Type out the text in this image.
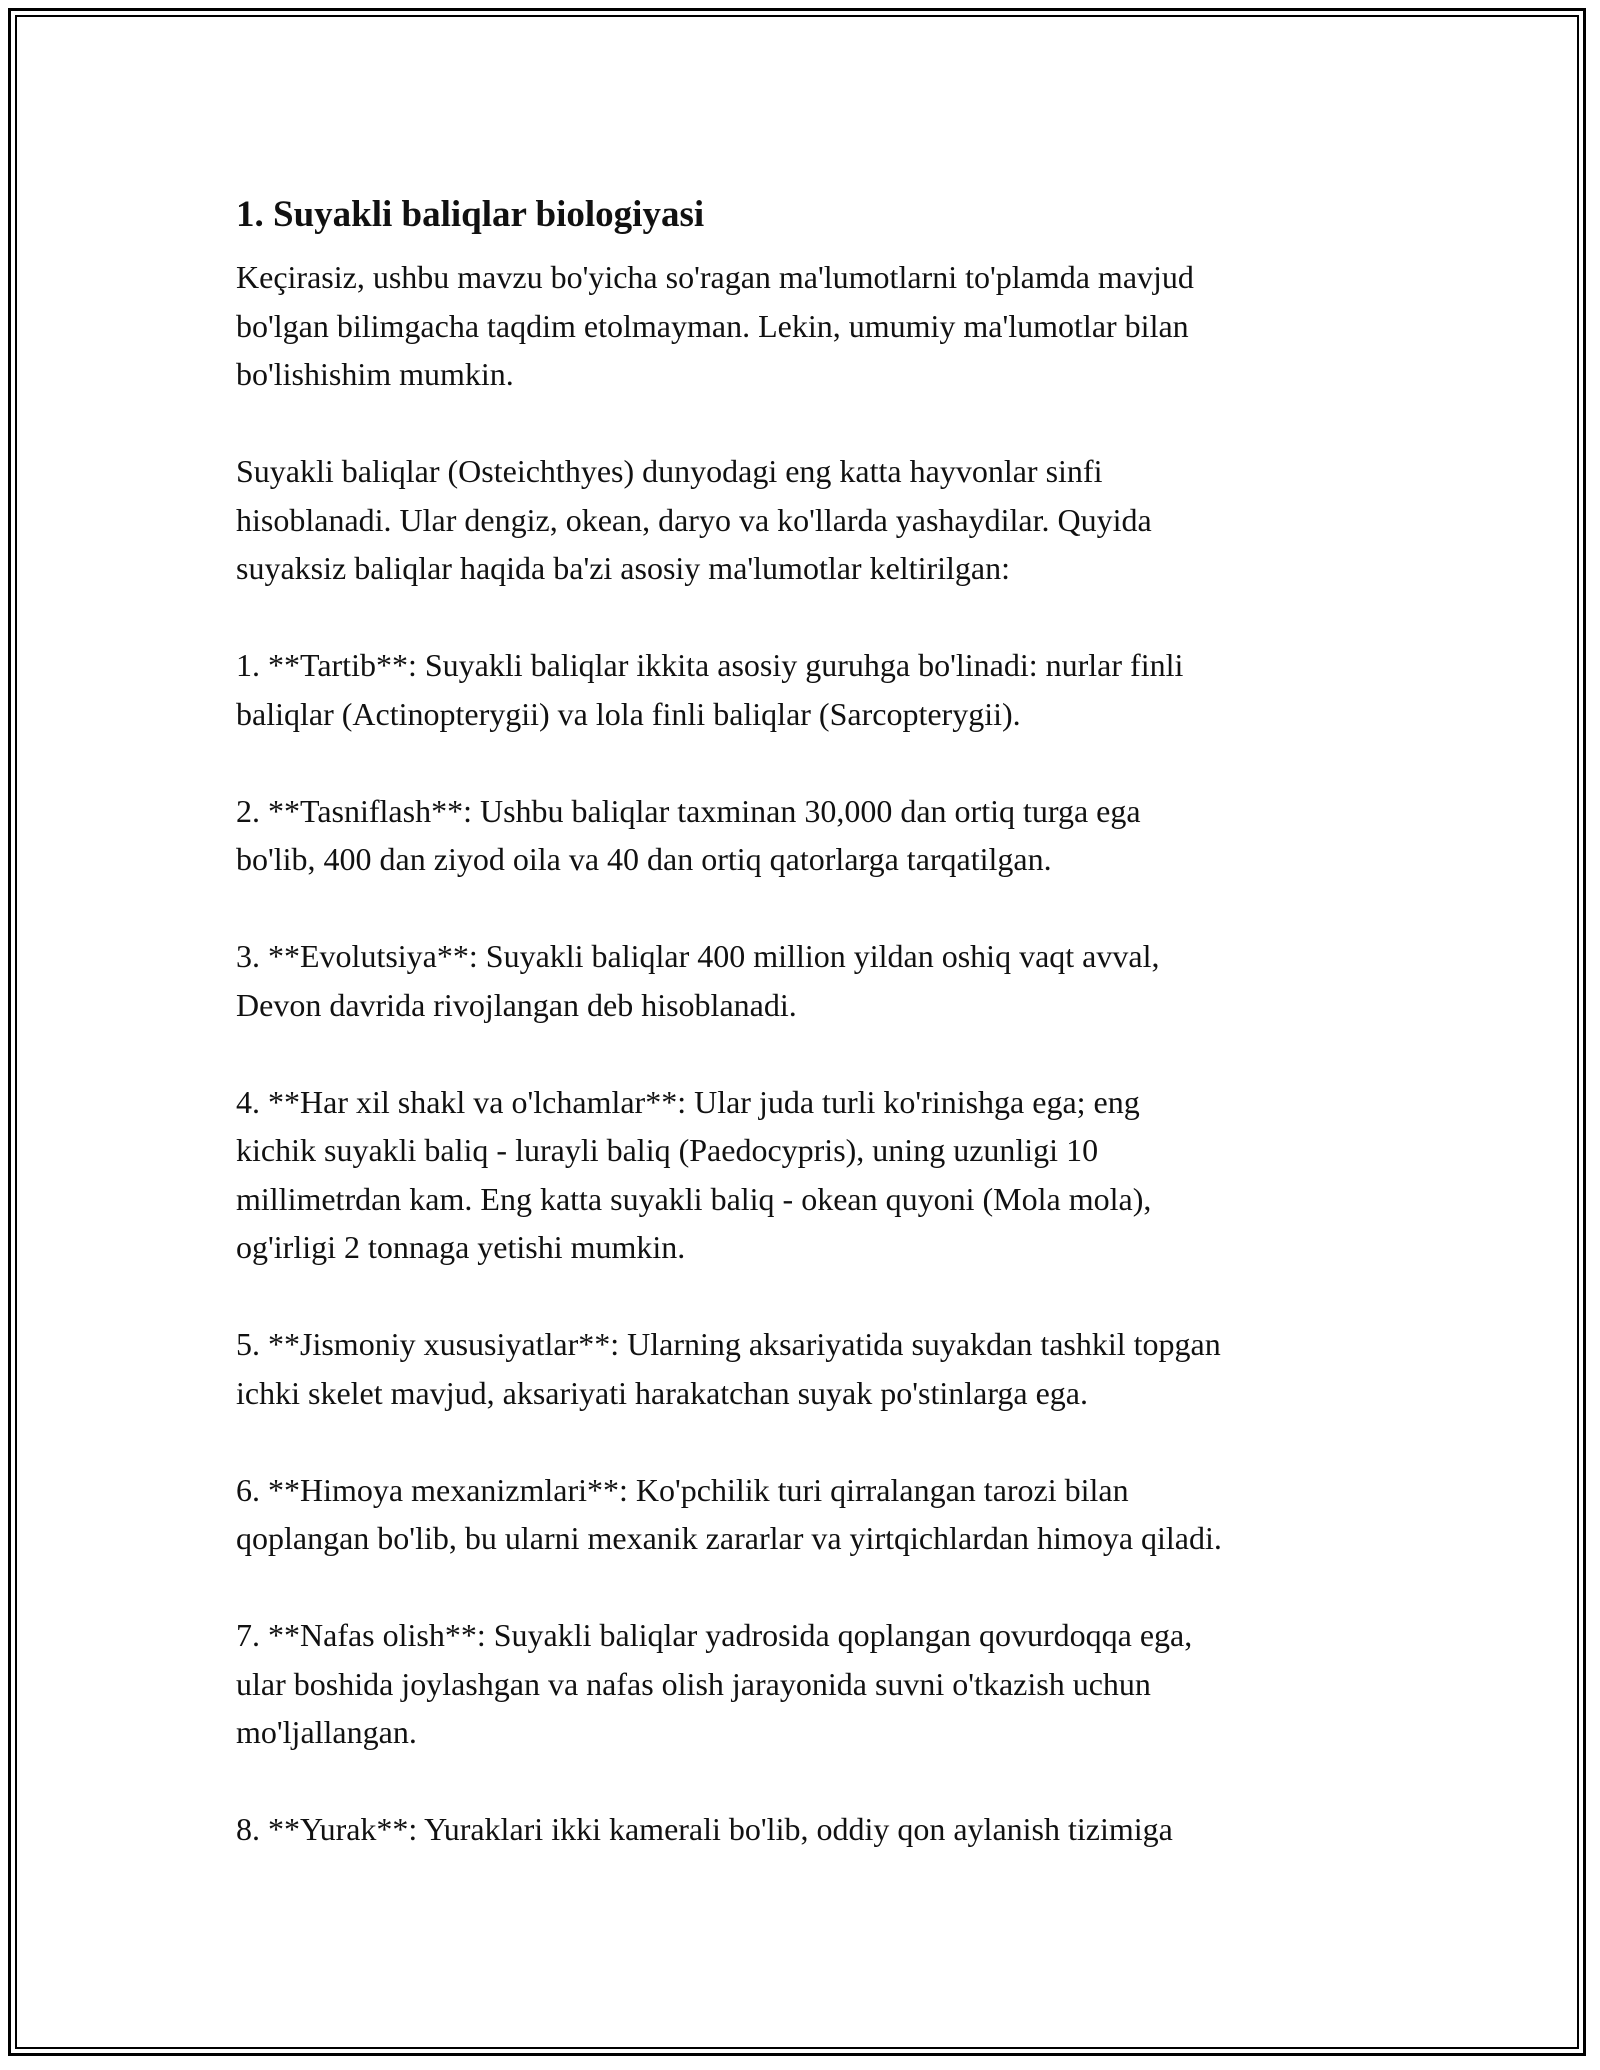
1. Suyakli baliqlar biologiyasi

Keçirasiz, ushbu mavzu bo'yicha so'ragan ma'lumotlarni to'plamda mavjud
bo'lgan bilimgacha taqdim etolmayman. Lekin, umumiy ma'lumotlar bilan
bo'lishishim mumkin.

Suyakli baliqlar (Osteichthyes) dunyodagi eng katta hayvonlar sinfi
hisoblanadi. Ular dengiz, okean, daryo va ko'llarda yashaydilar. Quyida
suyaksiz baliqlar haqida ba'zi asosiy ma'lumotlar keltirilgan:

1. **Tartib**: Suyakli baliqlar ikkita asosiy guruhga bo'linadi: nurlar finli
baliqlar (Actinopterygii) va lola finli baliqlar (Sarcopterygii).

2. **Tasniflash**: Ushbu baliqlar taxminan 30,000 dan ortiq turga ega
bo'lib, 400 dan ziyod oila va 40 dan ortiq qatorlarga tarqatilgan.

3. **Evolutsiya**: Suyakli baliqlar 400 million yildan oshiq vaqt avval,
Devon davrida rivojlangan deb hisoblanadi.

4. **Har xil shakl va o'lchamlar**: Ular juda turli ko'rinishga ega; eng
kichik suyakli baliq - lurayli baliq (Paedocypris), uning uzunligi 10
millimetrdan kam. Eng katta suyakli baliq - okean quyoni (Mola mola),
og'irligi 2 tonnaga yetishi mumkin.

5. **Jismoniy xususiyatlar**: Ularning aksariyatida suyakdan tashkil topgan
ichki skelet mavjud, aksariyati harakatchan suyak po'stinlarga ega.

6. **Himoya mexanizmlari**: Ko'pchilik turi qirralangan tarozi bilan
qoplangan bo'lib, bu ularni mexanik zararlar va yirtqichlardan himoya qiladi.

7. **Nafas olish**: Suyakli baliqlar yadrosida qoplangan qovurdoqqa ega,
ular boshida joylashgan va nafas olish jarayonida suvni o'tkazish uchun
mo'ljallangan.

8. **Yurak**: Yuraklari ikki kamerali bo'lib, oddiy qon aylanish tizimiga
